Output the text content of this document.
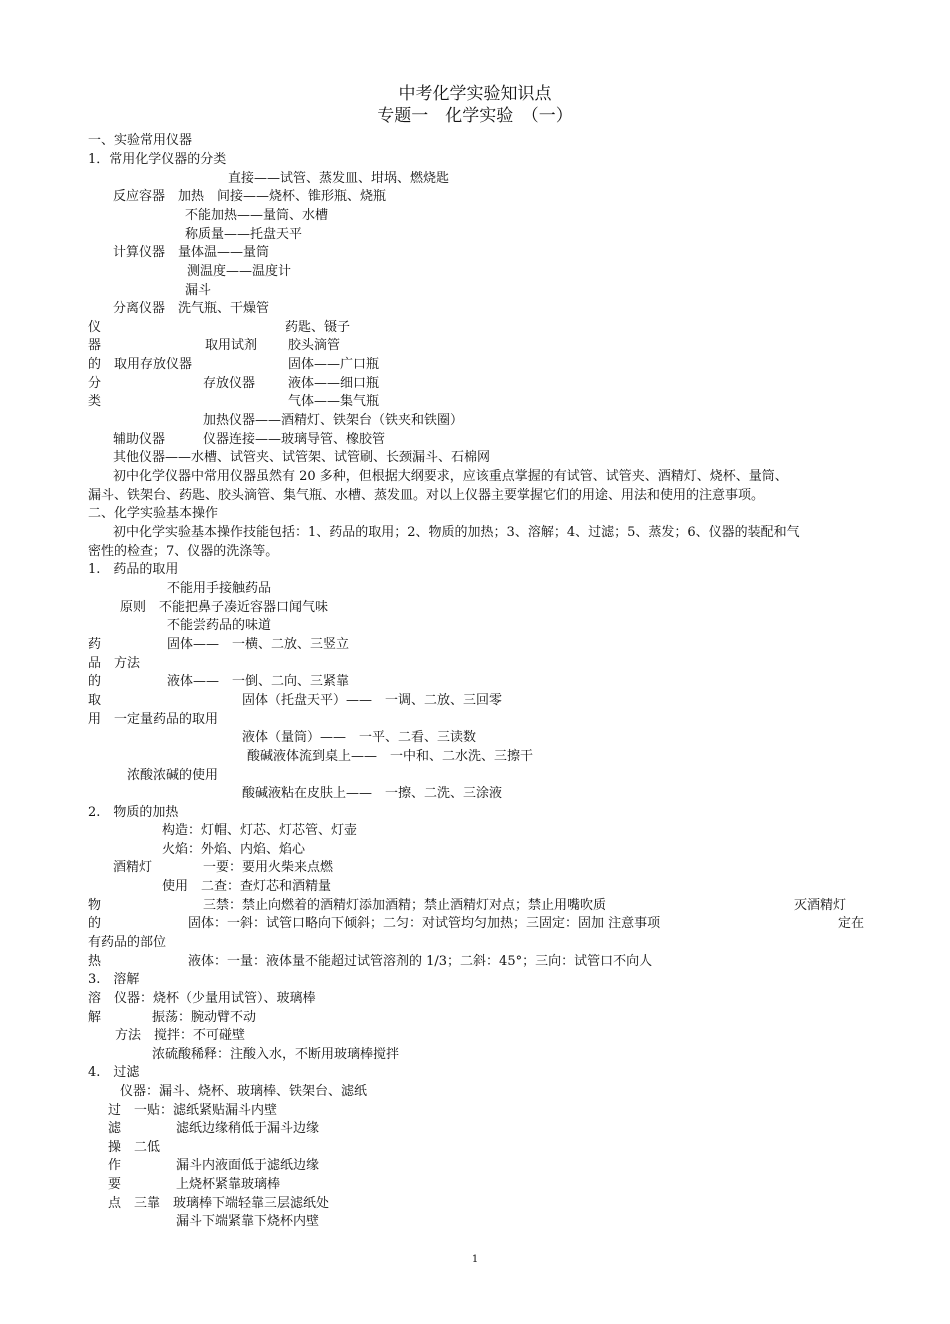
中考化学实验知识点
专题一　化学实验　（一）
一、实验常用仪器
1．常用化学仪器的分类
直接——试管、蒸发皿、坩埚、燃烧匙
反应容器　加热　间接——烧杯、锥形瓶、烧瓶
不能加热——量筒、水槽
称质量——托盘天平
计算仪器　量体温——量筒
测温度——温度计
漏斗
分离仪器　洗气瓶、干燥管
仪	药匙、镊子
器	取用试剂 胶头滴管
的　取用存放仪器	固体——广口瓶
分	存放仪器	液体——细口瓶
类	气体——集气瓶
加热仪器——酒精灯、铁架台（铁夹和铁圈）
辅助仪器	仪器连接——玻璃导管、橡胶管
其他仪器——水槽、试管夹、试管架、试管刷、长颈漏斗、石棉网
初中化学仪器中常用仪器虽然有 20 多种，但根据大纲要求，应该重点掌握的有试管、试管夹、酒精灯、烧杯、量筒、
漏斗、铁架台、药匙、胶头滴管、集气瓶、水槽、蒸发皿。对以上仪器主要掌握它们的用途、用法和使用的注意事项。
二、化学实验基本操作
初中化学实验基本操作技能包括：1、药品的取用；2、物质的加热；3、溶解；4、过滤；5、蒸发；6、仪器的装配和气
密性的检查；7、仪器的洗涤等。
1.　药品的取用
不能用手接触药品
原则　不能把鼻子凑近容器口闻气味
不能尝药品的味道
药	固体——　一横、二放、三竖立
品　方法
的	液体——　一倒、二向、三紧靠
取	固体（托盘天平）——　一调、二放、三回零
用　一定量药品的取用
液体（量筒）——　一平、二看、三读数
酸碱液体流到桌上——　一中和、二水洗、三擦干
浓酸浓碱的使用
酸碱液粘在皮肤上——　一擦、二洗、三涂液
2.　物质的加热
构造：灯帽、灯芯、灯芯管、灯壶
火焰：外焰、内焰、焰心
酒精灯	一要：要用火柴来点燃
使用　二查：查灯芯和酒精量
物	三禁：禁止向燃着的酒精灯添加酒精；禁止酒精灯对点；禁止用嘴吹质	灭酒精灯
的	固体：一斜：试管口略向下倾斜；二匀：对试管均匀加热；三固定：固加 注意事项	定在
有药品的部位
热	液体：一量：液体量不能超过试管溶剂的 1/3；二斜：45°；三向：试管口不向人
3.　溶解
溶　仪器：烧杯（少量用试管）、玻璃棒
解	振荡：腕动臂不动
方法　搅拌：不可碰壁
浓硫酸稀释：注酸入水，不断用玻璃棒搅拌
4.　过滤
仪器：漏斗、烧杯、玻璃棒、铁架台、滤纸
过　一贴：滤纸紧贴漏斗内壁
滤	滤纸边缘稍低于漏斗边缘
操　二低
作	漏斗内液面低于滤纸边缘
要	上烧杯紧靠玻璃棒
点　三靠　玻璃棒下端轻靠三层滤纸处
漏斗下端紧靠下烧杯内壁
1
